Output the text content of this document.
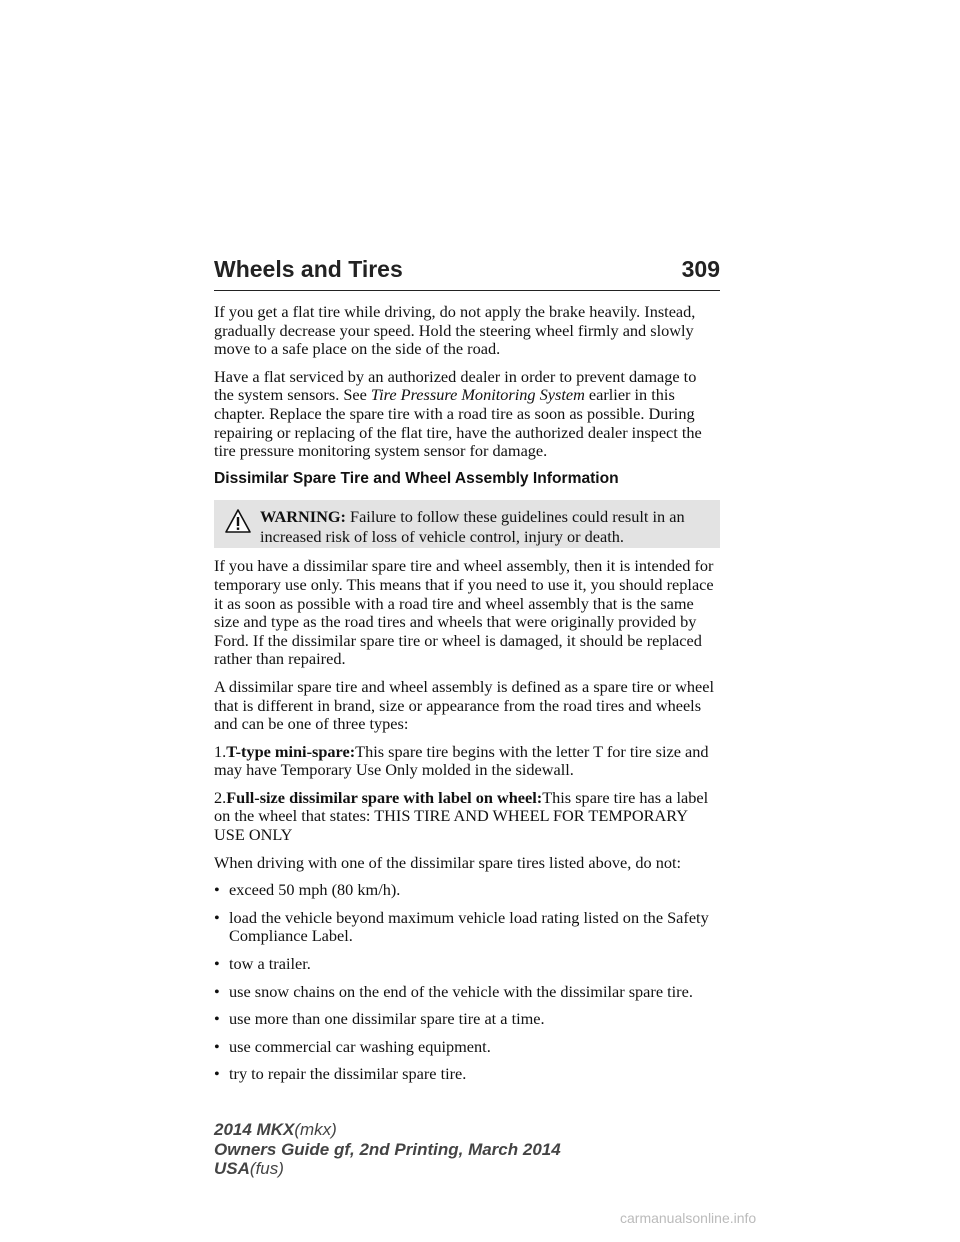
Wheels and Tires	309

If you get a flat tire while driving, do not apply the brake heavily. Instead, gradually decrease your speed. Hold the steering wheel firmly and slowly move to a safe place on the side of the road.

Have a flat serviced by an authorized dealer in order to prevent damage to the system sensors. See Tire Pressure Monitoring System earlier in this chapter. Replace the spare tire with a road tire as soon as possible. During repairing or replacing of the flat tire, have the authorized dealer inspect the tire pressure monitoring system sensor for damage.

Dissimilar Spare Tire and Wheel Assembly Information
WARNING: Failure to follow these guidelines could result in an increased risk of loss of vehicle control, injury or death.

If you have a dissimilar spare tire and wheel assembly, then it is intended for temporary use only. This means that if you need to use it, you should replace it as soon as possible with a road tire and wheel assembly that is the same size and type as the road tires and wheels that were originally provided by Ford. If the dissimilar spare tire or wheel is damaged, it should be replaced rather than repaired.

A dissimilar spare tire and wheel assembly is defined as a spare tire or wheel that is different in brand, size or appearance from the road tires and wheels and can be one of three types:

1.T-type mini-spare:This spare tire begins with the letter T for tire size and may have Temporary Use Only molded in the sidewall.

2.Full-size dissimilar spare with label on wheel:This spare tire has a label on the wheel that states: THIS TIRE AND WHEEL FOR TEMPORARY USE ONLY

When driving with one of the dissimilar spare tires listed above, do not:

• exceed 50 mph (80 km/h).
• load the vehicle beyond maximum vehicle load rating listed on the Safety Compliance Label.
• tow a trailer.
• use snow chains on the end of the vehicle with the dissimilar spare tire.
• use more than one dissimilar spare tire at a time.
• use commercial car washing equipment.
• try to repair the dissimilar spare tire.
2014 MKX(mkx)
Owners Guide gf, 2nd Printing, March 2014
USA(fus)
carmanualsonline.info
